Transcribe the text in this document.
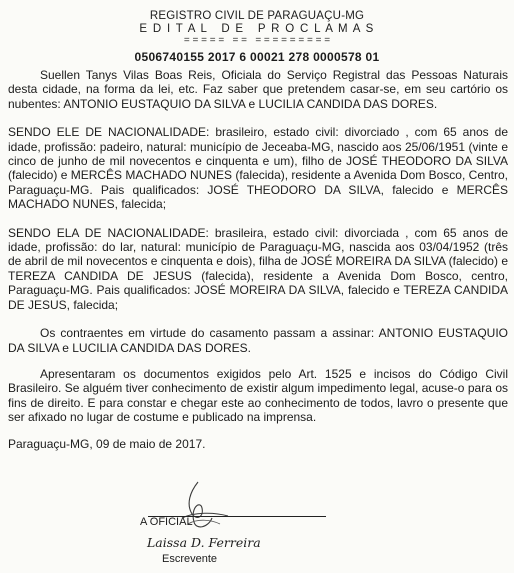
REGISTRO CIVIL DE PARAGUAÇU-MG
E D I T A L   D E   P R O C L A M A S
= = = = =   = =   = = = = = = = = =
0506740155 2017 6 00021 278 0000578 01

Suellen Tanys Vilas Boas Reis, Oficiala do Serviço Registral das Pessoas Naturais desta cidade, na forma da lei, etc. Faz saber que pretendem casar-se, em seu cartório os nubentes: ANTONIO EUSTAQUIO DA SILVA e LUCILIA CANDIDA DAS DORES.

SENDO ELE DE NACIONALIDADE: brasileiro, estado civil: divorciado , com 65 anos de idade, profissão: padeiro, natural: município de Jeceaba-MG, nascido aos 25/06/1951 (vinte e cinco de junho de mil novecentos e cinquenta e um), filho de JOSÉ THEODORO DA SILVA (falecido) e MERCÊS MACHADO NUNES (falecida), residente a Avenida Dom Bosco, Centro, Paraguaçu-MG. Pais qualificados: JOSÉ THEODORO DA SILVA, falecido e MERCÊS MACHADO NUNES, falecida;

SENDO ELA DE NACIONALIDADE: brasileira, estado civil: divorciada , com 65 anos de idade, profissão: do lar, natural: município de Paraguaçu-MG, nascida aos 03/04/1952 (três de abril de mil novecentos e cinquenta e dois), filha de JOSÉ MOREIRA DA SILVA (falecido) e TEREZA CANDIDA DE JESUS (falecida), residente a Avenida Dom Bosco, centro, Paraguaçu-MG. Pais qualificados: JOSÉ MOREIRA DA SILVA, falecido e TEREZA CANDIDA DE JESUS, falecida;

Os contraentes em virtude do casamento passam a assinar: ANTONIO EUSTAQUIO DA SILVA e LUCILIA CANDIDA DAS DORES.

Apresentaram os documentos exigidos pelo Art. 1525 e incisos do Código Civil Brasileiro. Se alguém tiver conhecimento de existir algum impedimento legal, acuse-o para os fins de direito. E para constar e chegar este ao conhecimento de todos, lavro o presente que ser afixado no lugar de costume e publicado na imprensa.

Paraguaçu-MG, 09 de maio de 2017.

A OFICIAL
Laissa D. Ferreira
Escrevente
